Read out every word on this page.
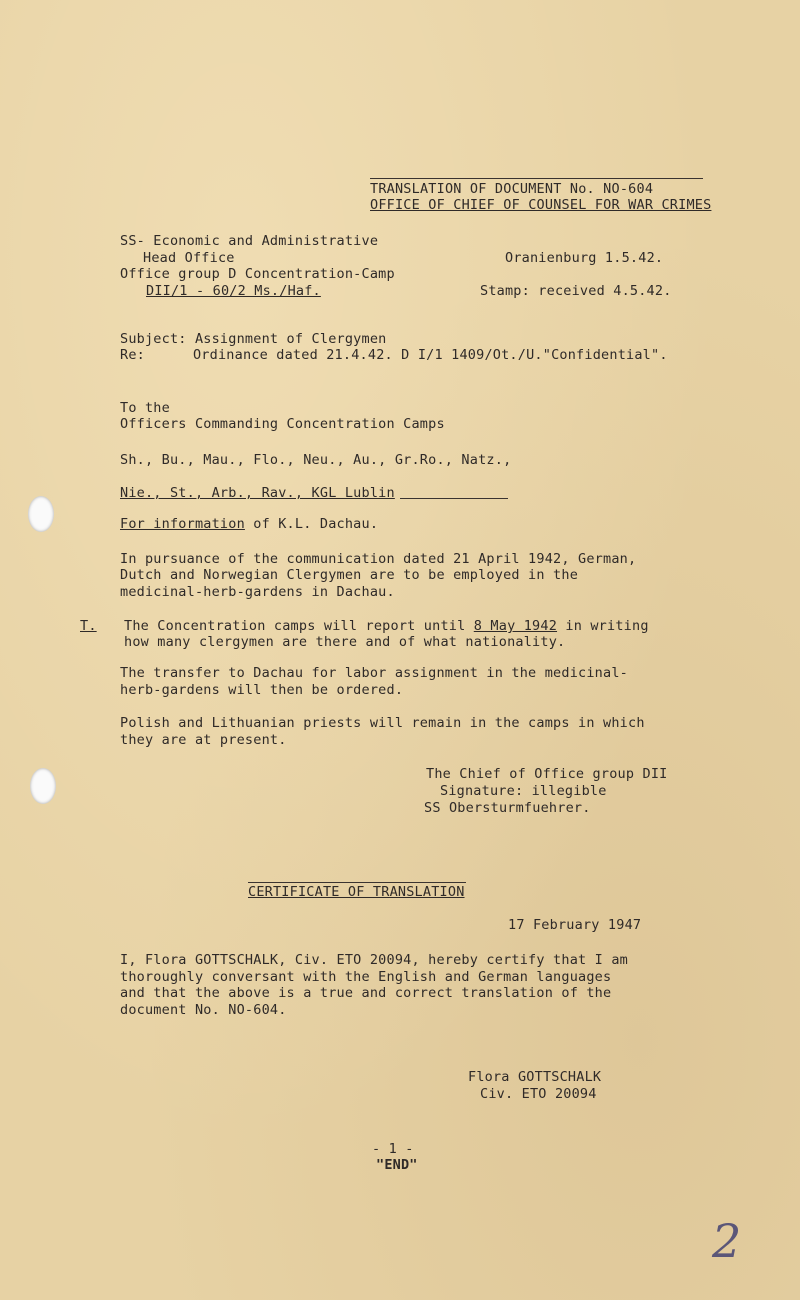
TRANSLATION OF DOCUMENT No. NO-604
OFFICE OF CHIEF OF COUNSEL FOR WAR CRIMES
SS- Economic and Administrative
Head Office
Office group D Concentration-Camp
DII/1 - 60/2 Ms./Haf.
Oranienburg 1.5.42.
Stamp: received 4.5.42.
Subject: Assignment of Clergymen
Re:	Ordinance dated 21.4.42. D I/1 1409/Ot./U."Confidential".
To the
Officers Commanding Concentration Camps
Sh., Bu., Mau., Flo., Neu., Au., Gr.Ro., Natz.,
Nie., St., Arb., Rav., KGL Lublin
For information of K.L. Dachau.
In pursuance of the communication dated 21 April 1942, German,
Dutch and Norwegian Clergymen are to be employed in the
medicinal-herb-gardens in Dachau.
T. The Concentration camps will report until 8 May 1942 in writing
how many clergymen are there and of what nationality.
The transfer to Dachau for labor assignment in the medicinal-
herb-gardens will then be ordered.
Polish and Lithuanian priests will remain in the camps in which
they are at present.
The Chief of Office group DII
Signature: illegible
SS Obersturmfuehrer.
CERTIFICATE OF TRANSLATION
17 February 1947
I, Flora GOTTSCHALK, Civ. ETO 20094, hereby certify that I am
thoroughly conversant with the English and German languages
and that the above is a true and correct translation of the
document No. NO-604.
Flora GOTTSCHALK
Civ. ETO 20094
- 1 -
"END"
2
